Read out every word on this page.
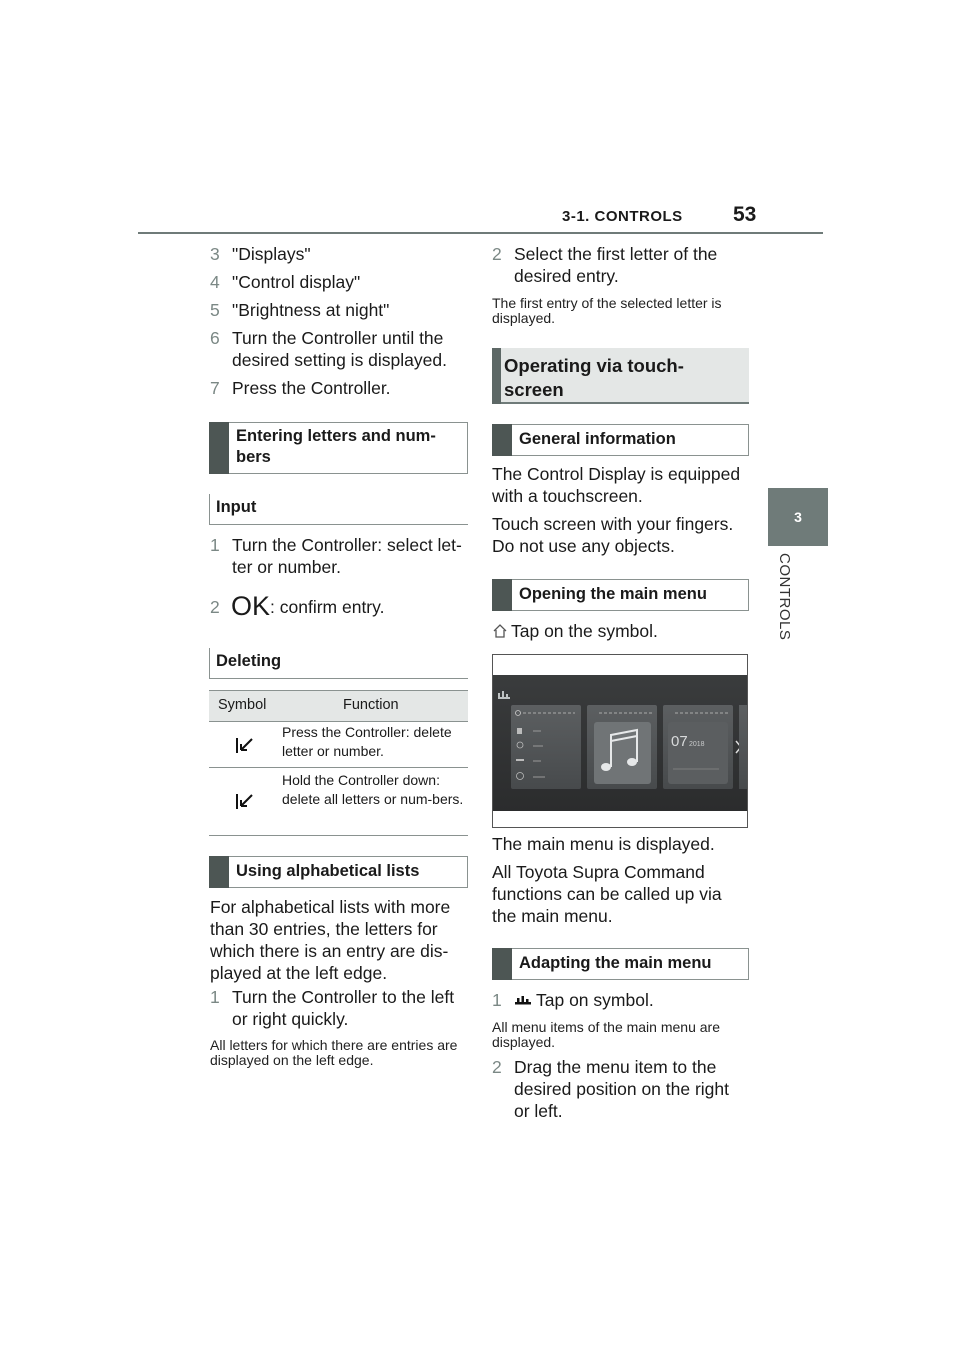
3-1. CONTROLS 53
3
CONTROLS
3 "Displays"
4 "Control display"
5 "Brightness at night"
6 Turn the Controller until the desired setting is displayed.
7 Press the Controller.
Entering letters and num-bers
Input
1 Turn the Controller: select let-ter or number.
2 OK: confirm entry.
Deleting
Symbol	Function
Press the Controller: delete letter or number.
Hold the Controller down: delete all letters or num-bers.
Using alphabetical lists
For alphabetical lists with more than 30 entries, the letters for which there is an entry are dis-played at the left edge.
1 Turn the Controller to the left or right quickly.
All letters for which there are entries are displayed on the left edge.
2 Select the first letter of the desired entry.
The first entry of the selected letter is displayed.
Operating via touch-screen
General information
The Control Display is equipped with a touchscreen.
Touch screen with your fingers. Do not use any objects.
Opening the main menu
Tap on the symbol.
07 2018
The main menu is displayed.
All Toyota Supra Command functions can be called up via the main menu.
Adapting the main menu
1 Tap on symbol.
All menu items of the main menu are displayed.
2 Drag the menu item to the desired position on the right or left.
